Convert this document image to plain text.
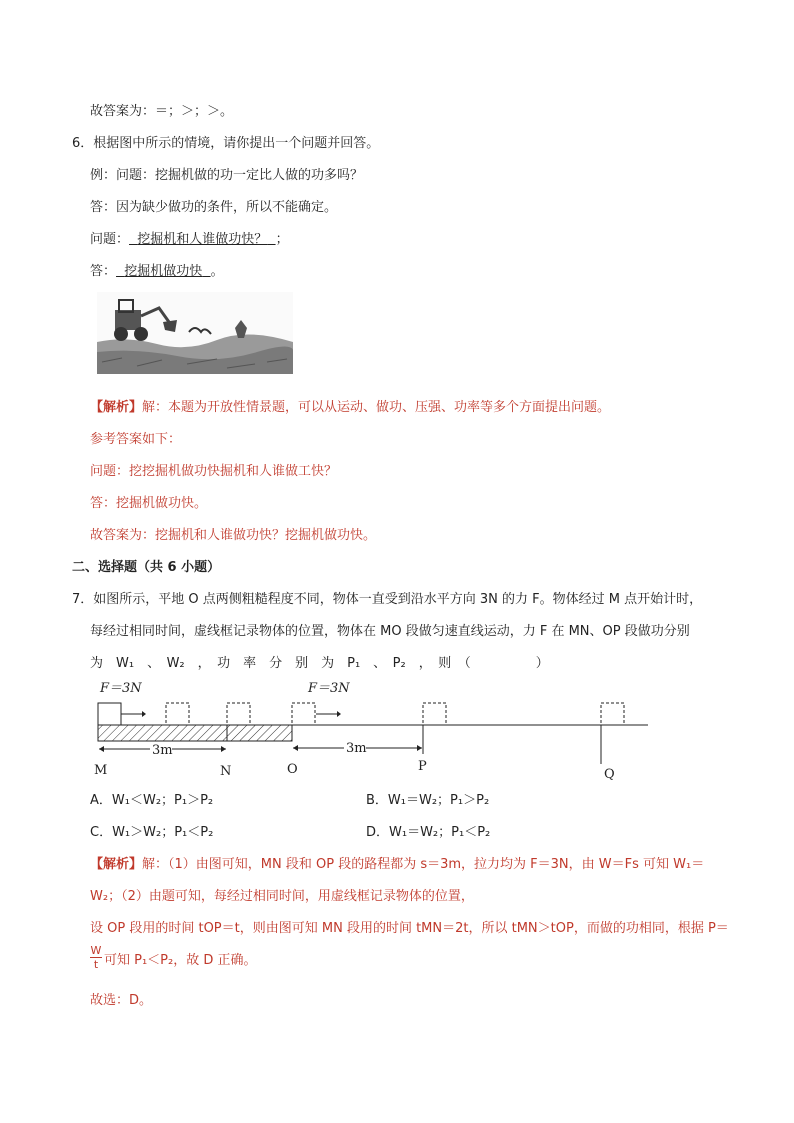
故答案为：＝；＞；＞。
6．根据图中所示的情境，请你提出一个问题并回答。
例：问题：挖掘机做的功一定比人做的功多吗？
答：因为缺少做功的条件，所以不能确定。
问题： 挖掘机和人谁做功快？ ；
答： 挖掘机做功快 。
【解析】解：本题为开放性情景题，可以从运动、做功、压强、功率等多个方面提出问题。
参考答案如下：
问题：挖挖掘机做功快掘机和人谁做工快？
答：挖掘机做功快。
故答案为：挖掘机和人谁做功快？挖掘机做功快。
二、选择题（共 6 小题）
7．如图所示，平地 O 点两侧粗糙程度不同，物体一直受到沿水平方向 3N 的力 F。物体经过 M 点开始计时，
每经过相同时间，虚线框记录物体的位置，物体在 MO 段做匀速直线运动，力 F 在 MN、OP 段做功分别
为　W₁　、　W₂　，　功　率　分　别　为　P₁　、　P₂　，　则　（　　　　　）
F＝3N	F＝3N
3m	3m
M	N	O	P
Q
A．W₁＜W₂；P₁＞P₂	B．W₁＝W₂；P₁＞P₂
C．W₁＞W₂；P₁＜P₂	D．W₁＝W₂；P₁＜P₂
【解析】解：（1）由图可知，MN 段和 OP 段的路程都为 s＝3m，拉力均为 F＝3N，由 W＝Fs 可知 W₁＝
W₂；（2）由题可知，每经过相同时间，用虚线框记录物体的位置，
设 OP 段用的时间 tOP＝t，则由图可知 MN 段用的时间 tMN＝2t，所以 tMN＞tOP，而做的功相同，根据 P＝
$\frac{W}{t}$ 可知 P₁＜P₂，故 D 正确。
故选：D。
